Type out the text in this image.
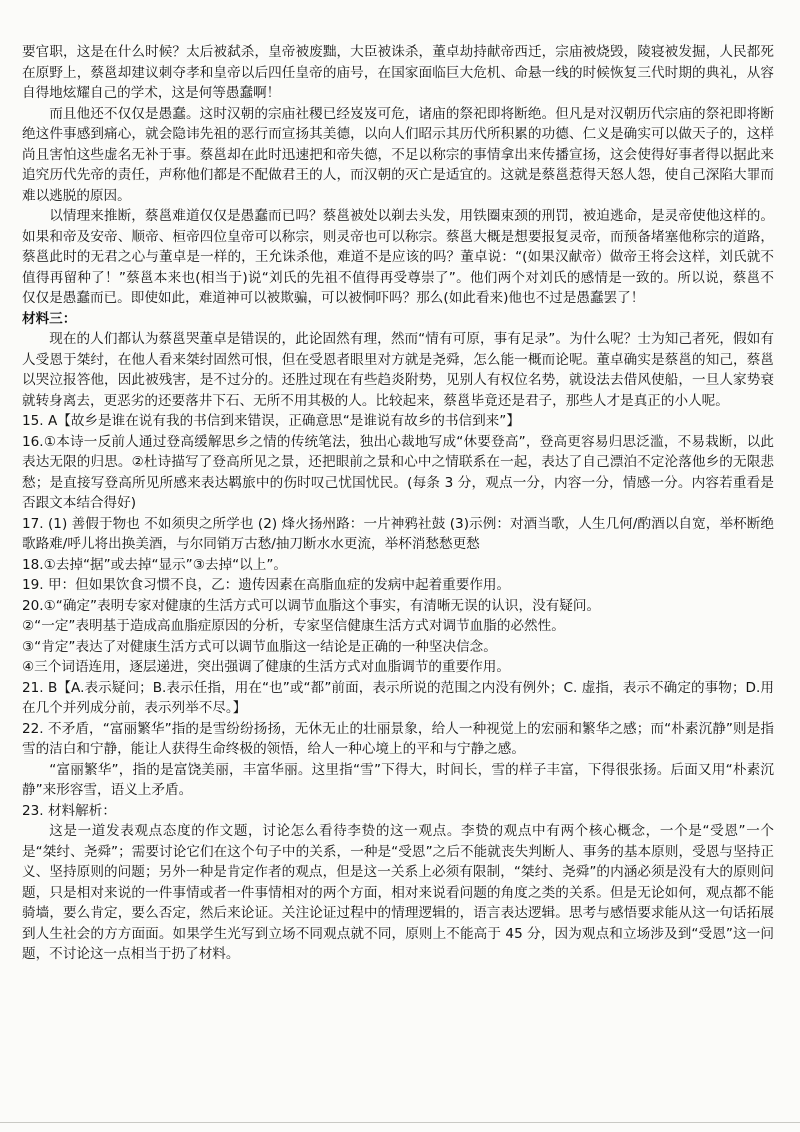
要官职，这是在什么时候？太后被弑杀，皇帝被废黜，大臣被诛杀，董卓劫持献帝西迁，宗庙被烧毁，陵寝被发掘，人民都死在原野上，蔡邕却建议刺夺孝和皇帝以后四任皇帝的庙号，在国家面临巨大危机、命悬一线的时候恢复三代时期的典礼，从容自得地炫耀自己的学术，这是何等愚蠢啊！

而且他还不仅仅是愚蠢。这时汉朝的宗庙社稷已经岌岌可危，诸庙的祭祀即将断绝。但凡是对汉朝历代宗庙的祭祀即将断绝这件事感到痛心，就会隐讳先祖的恶行而宣扬其美德，以向人们昭示其历代所积累的功德、仁义是确实可以做天子的，这样尚且害怕这些虚名无补于事。蔡邕却在此时迅速把和帝失德，不足以称宗的事情拿出来传播宣扬，这会使得好事者得以据此来追究历代先帝的责任，声称他们都是不配做君王的人，而汉朝的灭亡是适宜的。这就是蔡邕惹得天怒人怨，使自己深陷大罪而难以逃脱的原因。

以情理来推断，蔡邕难道仅仅是愚蠢而已吗？蔡邕被处以剃去头发，用铁圈束颈的刑罚，被迫逃命，是灵帝使他这样的。如果和帝及安帝、顺帝、桓帝四位皇帝可以称宗，则灵帝也可以称宗。蔡邕大概是想要报复灵帝，而预备堵塞他称宗的道路，蔡邕此时的无君之心与董卓是一样的，王允诛杀他，难道不是应该的吗？董卓说：“(如果汉献帝）做帝王将会这样，刘氏就不值得再留种了！”蔡邕本来也(相当于)说“刘氏的先祖不值得再受尊崇了”。他们两个对刘氏的感情是一致的。所以说，蔡邕不仅仅是愚蠢而已。即使如此，难道神可以被欺骗，可以被恫吓吗？那么(如此看来)他也不过是愚蠢罢了！

材料三：

现在的人们都认为蔡邕哭董卓是错误的，此论固然有理，然而“情有可原，事有足录”。为什么呢？士为知己者死，假如有人受恩于桀纣，在他人看来桀纣固然可恨，但在受恩者眼里对方就是尧舜，怎么能一概而论呢。董卓确实是蔡邕的知己，蔡邕以哭泣报答他，因此被残害，是不过分的。还胜过现在有些趋炎附势，见别人有权位名势，就设法去借风使船，一旦人家势衰就转身离去，更恶劣的还要落井下石、无所不用其极的人。比较起来，蔡邕毕竟还是君子，那些人才是真正的小人呢。

15. A【故乡是谁在说有我的书信到来错误，正确意思“是谁说有故乡的书信到来”】

16.①本诗一反前人通过登高缓解思乡之情的传统笔法，独出心裁地写成“休要登高”，登高更容易归思泛滥，不易栽断，以此表达无限的归思。②杜诗描写了登高所见之景，还把眼前之景和心中之情联系在一起，表达了自己漂泊不定沦落他乡的无限悲愁；是直接写登高所见所感来表达羁旅中的伤时叹己忧国忧民。(每条 3 分，观点一分，内容一分，情感一分。内容若重看是否跟文本结合得好)

17. (1) 善假于物也 不如须臾之所学也 (2) 烽火扬州路：一片神鸦社鼓 (3)示例：对酒当歌，人生几何/酌酒以自宽，举杯断绝歌路难/呼儿将出换美酒，与尔同销万古愁/抽刀断水水更流，举杯消愁愁更愁

18.①去掉“据”或去掉“显示”③去掉“以上”。

19. 甲：但如果饮食习惯不良，乙：遗传因素在高脂血症的发病中起着重要作用。

20.①“确定”表明专家对健康的生活方式可以调节血脂这个事实，有清晰无误的认识，没有疑问。

②“一定”表明基于造成高血脂症原因的分析，专家坚信健康生活方式对调节血脂的必然性。

③“肯定”表达了对健康生活方式可以调节血脂这一结论是正确的一种坚决信念。

④三个词语连用，逐层递进，突出强调了健康的生活方式对血脂调节的重要作用。

21. B【A.表示疑问；B.表示任指，用在“也”或“都”前面，表示所说的范围之内没有例外；C. 虚指，表示不确定的事物；D.用在几个并列成分前，表示列举不尽。】

22. 不矛盾，“富丽繁华”指的是雪纷纷扬扬，无休无止的壮丽景象，给人一种视觉上的宏丽和繁华之感；而“朴素沉静”则是指雪的洁白和宁静，能让人获得生命终极的领悟，给人一种心境上的平和与宁静之感。

“富丽繁华”，指的是富饶美丽，丰富华丽。这里指“雪”下得大，时间长，雪的样子丰富，下得很张扬。后面又用“朴素沉静”来形容雪，语义上矛盾。

23. 材料解析：

这是一道发表观点态度的作文题，讨论怎么看待李贽的这一观点。李贽的观点中有两个核心概念，一个是“受恩”一个是“桀纣、尧舜”；需要讨论它们在这个句子中的关系，一种是“受恩”之后不能就丧失判断人、事务的基本原则，受恩与坚持正义、坚持原则的问题；另外一种是肯定作者的观点，但是这一关系上必须有限制，“桀纣、尧舜”的内涵必须是没有大的原则问题，只是相对来说的一件事情或者一件事情相对的两个方面，相对来说看问题的角度之类的关系。但是无论如何，观点都不能骑墙，要么肯定，要么否定，然后来论证。关注论证过程中的情理逻辑的，语言表达逻辑。思考与感悟要求能从这一句话拓展到人生社会的方方面面。如果学生光写到立场不同观点就不同，原则上不能高于 45 分，因为观点和立场涉及到“受恩”这一问题，不讨论这一点相当于扔了材料。
